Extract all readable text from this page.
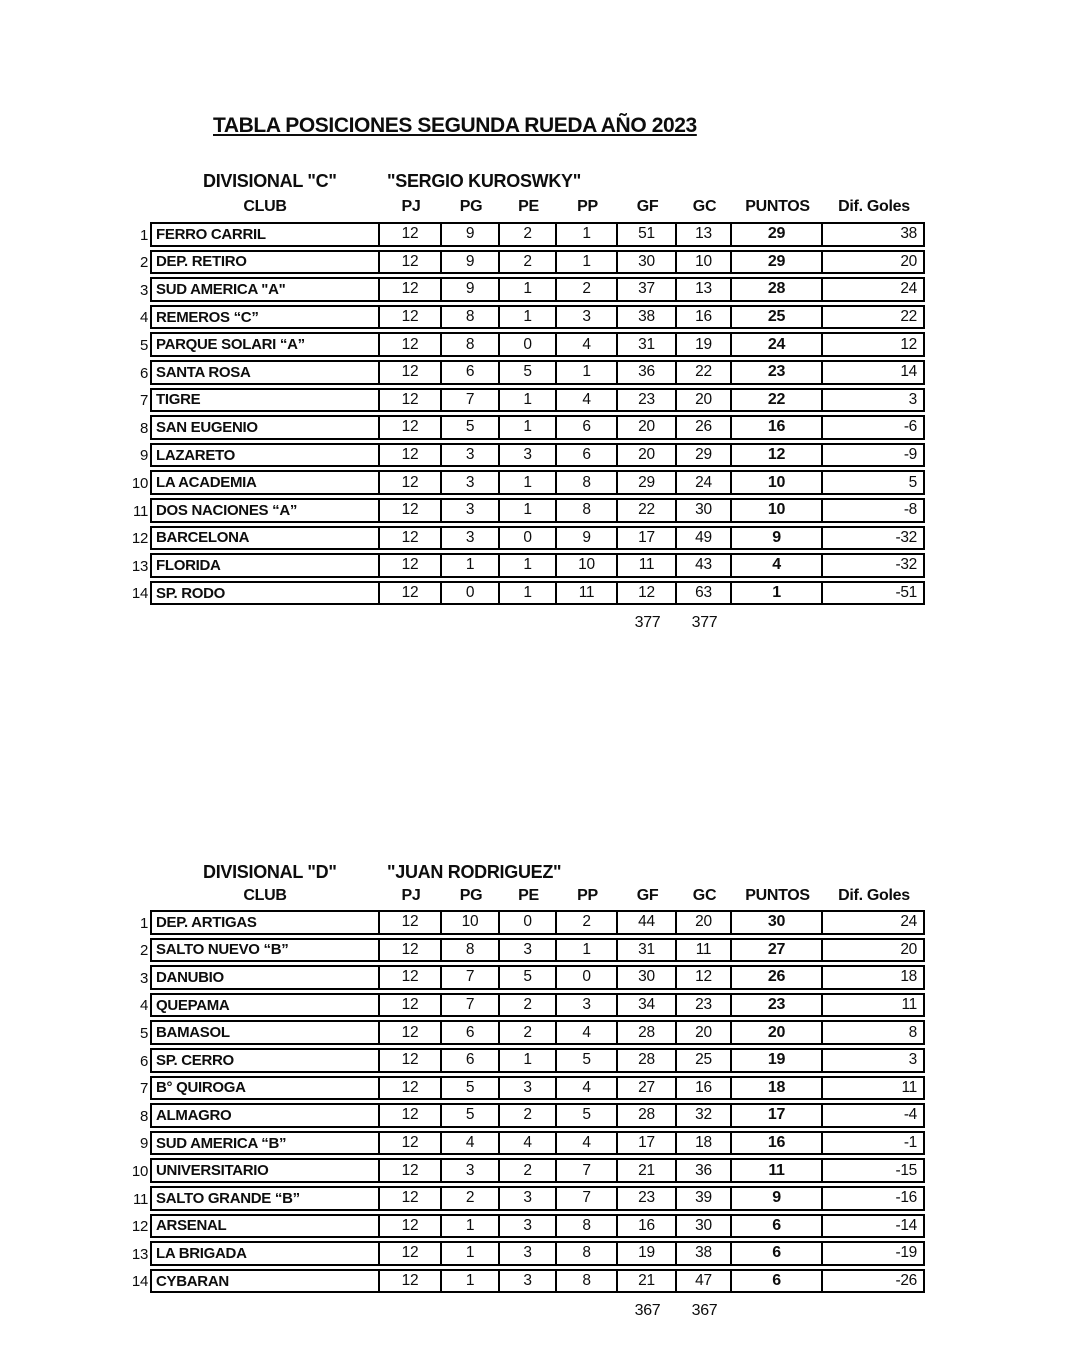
TABLA POSICIONES SEGUNDA RUEDA AÑO 2023
DIVISIONAL "C"	"SERGIO KUROSWKY"
CLUB	PJ	PG	PE	PP	GF	GC	PUNTOS	Dif. Goles
1 FERRO CARRIL	12	9	2	1	51	13	29	38
2 DEP. RETIRO	12	9	2	1	30	10	29	20
3 SUD AMERICA "A"	12	9	1	2	37	13	28	24
4 REMEROS “C”	12	8	1	3	38	16	25	22
5 PARQUE SOLARI “A”	12	8	0	4	31	19	24	12
6 SANTA ROSA	12	6	5	1	36	22	23	14
7 TIGRE	12	7	1	4	23	20	22	3
8 SAN EUGENIO	12	5	1	6	20	26	16	-6
9 LAZARETO	12	3	3	6	20	29	12	-9
10 LA ACADEMIA	12	3	1	8	29	24	10	5
11 DOS NACIONES “A”	12	3	1	8	22	30	10	-8
12 BARCELONA	12	3	0	9	17	49	9	-32
13 FLORIDA	12	1	1	10	11	43	4	-32
14 SP. RODO	12	0	1	11	12	63	1	-51
377	377
DIVISIONAL "D"	"JUAN RODRIGUEZ"
CLUB	PJ	PG	PE	PP	GF	GC	PUNTOS	Dif. Goles
1 DEP. ARTIGAS	12	10	0	2	44	20	30	24
2 SALTO NUEVO “B”	12	8	3	1	31	11	27	20
3 DANUBIO	12	7	5	0	30	12	26	18
4 QUEPAMA	12	7	2	3	34	23	23	11
5 BAMASOL	12	6	2	4	28	20	20	8
6 SP. CERRO	12	6	1	5	28	25	19	3
7 B° QUIROGA	12	5	3	4	27	16	18	11
8 ALMAGRO	12	5	2	5	28	32	17	-4
9 SUD AMERICA “B”	12	4	4	4	17	18	16	-1
10 UNIVERSITARIO	12	3	2	7	21	36	11	-15
11 SALTO GRANDE “B”	12	2	3	7	23	39	9	-16
12 ARSENAL	12	1	3	8	16	30	6	-14
13 LA BRIGADA	12	1	3	8	19	38	6	-19
14 CYBARAN	12	1	3	8	21	47	6	-26
367	367
